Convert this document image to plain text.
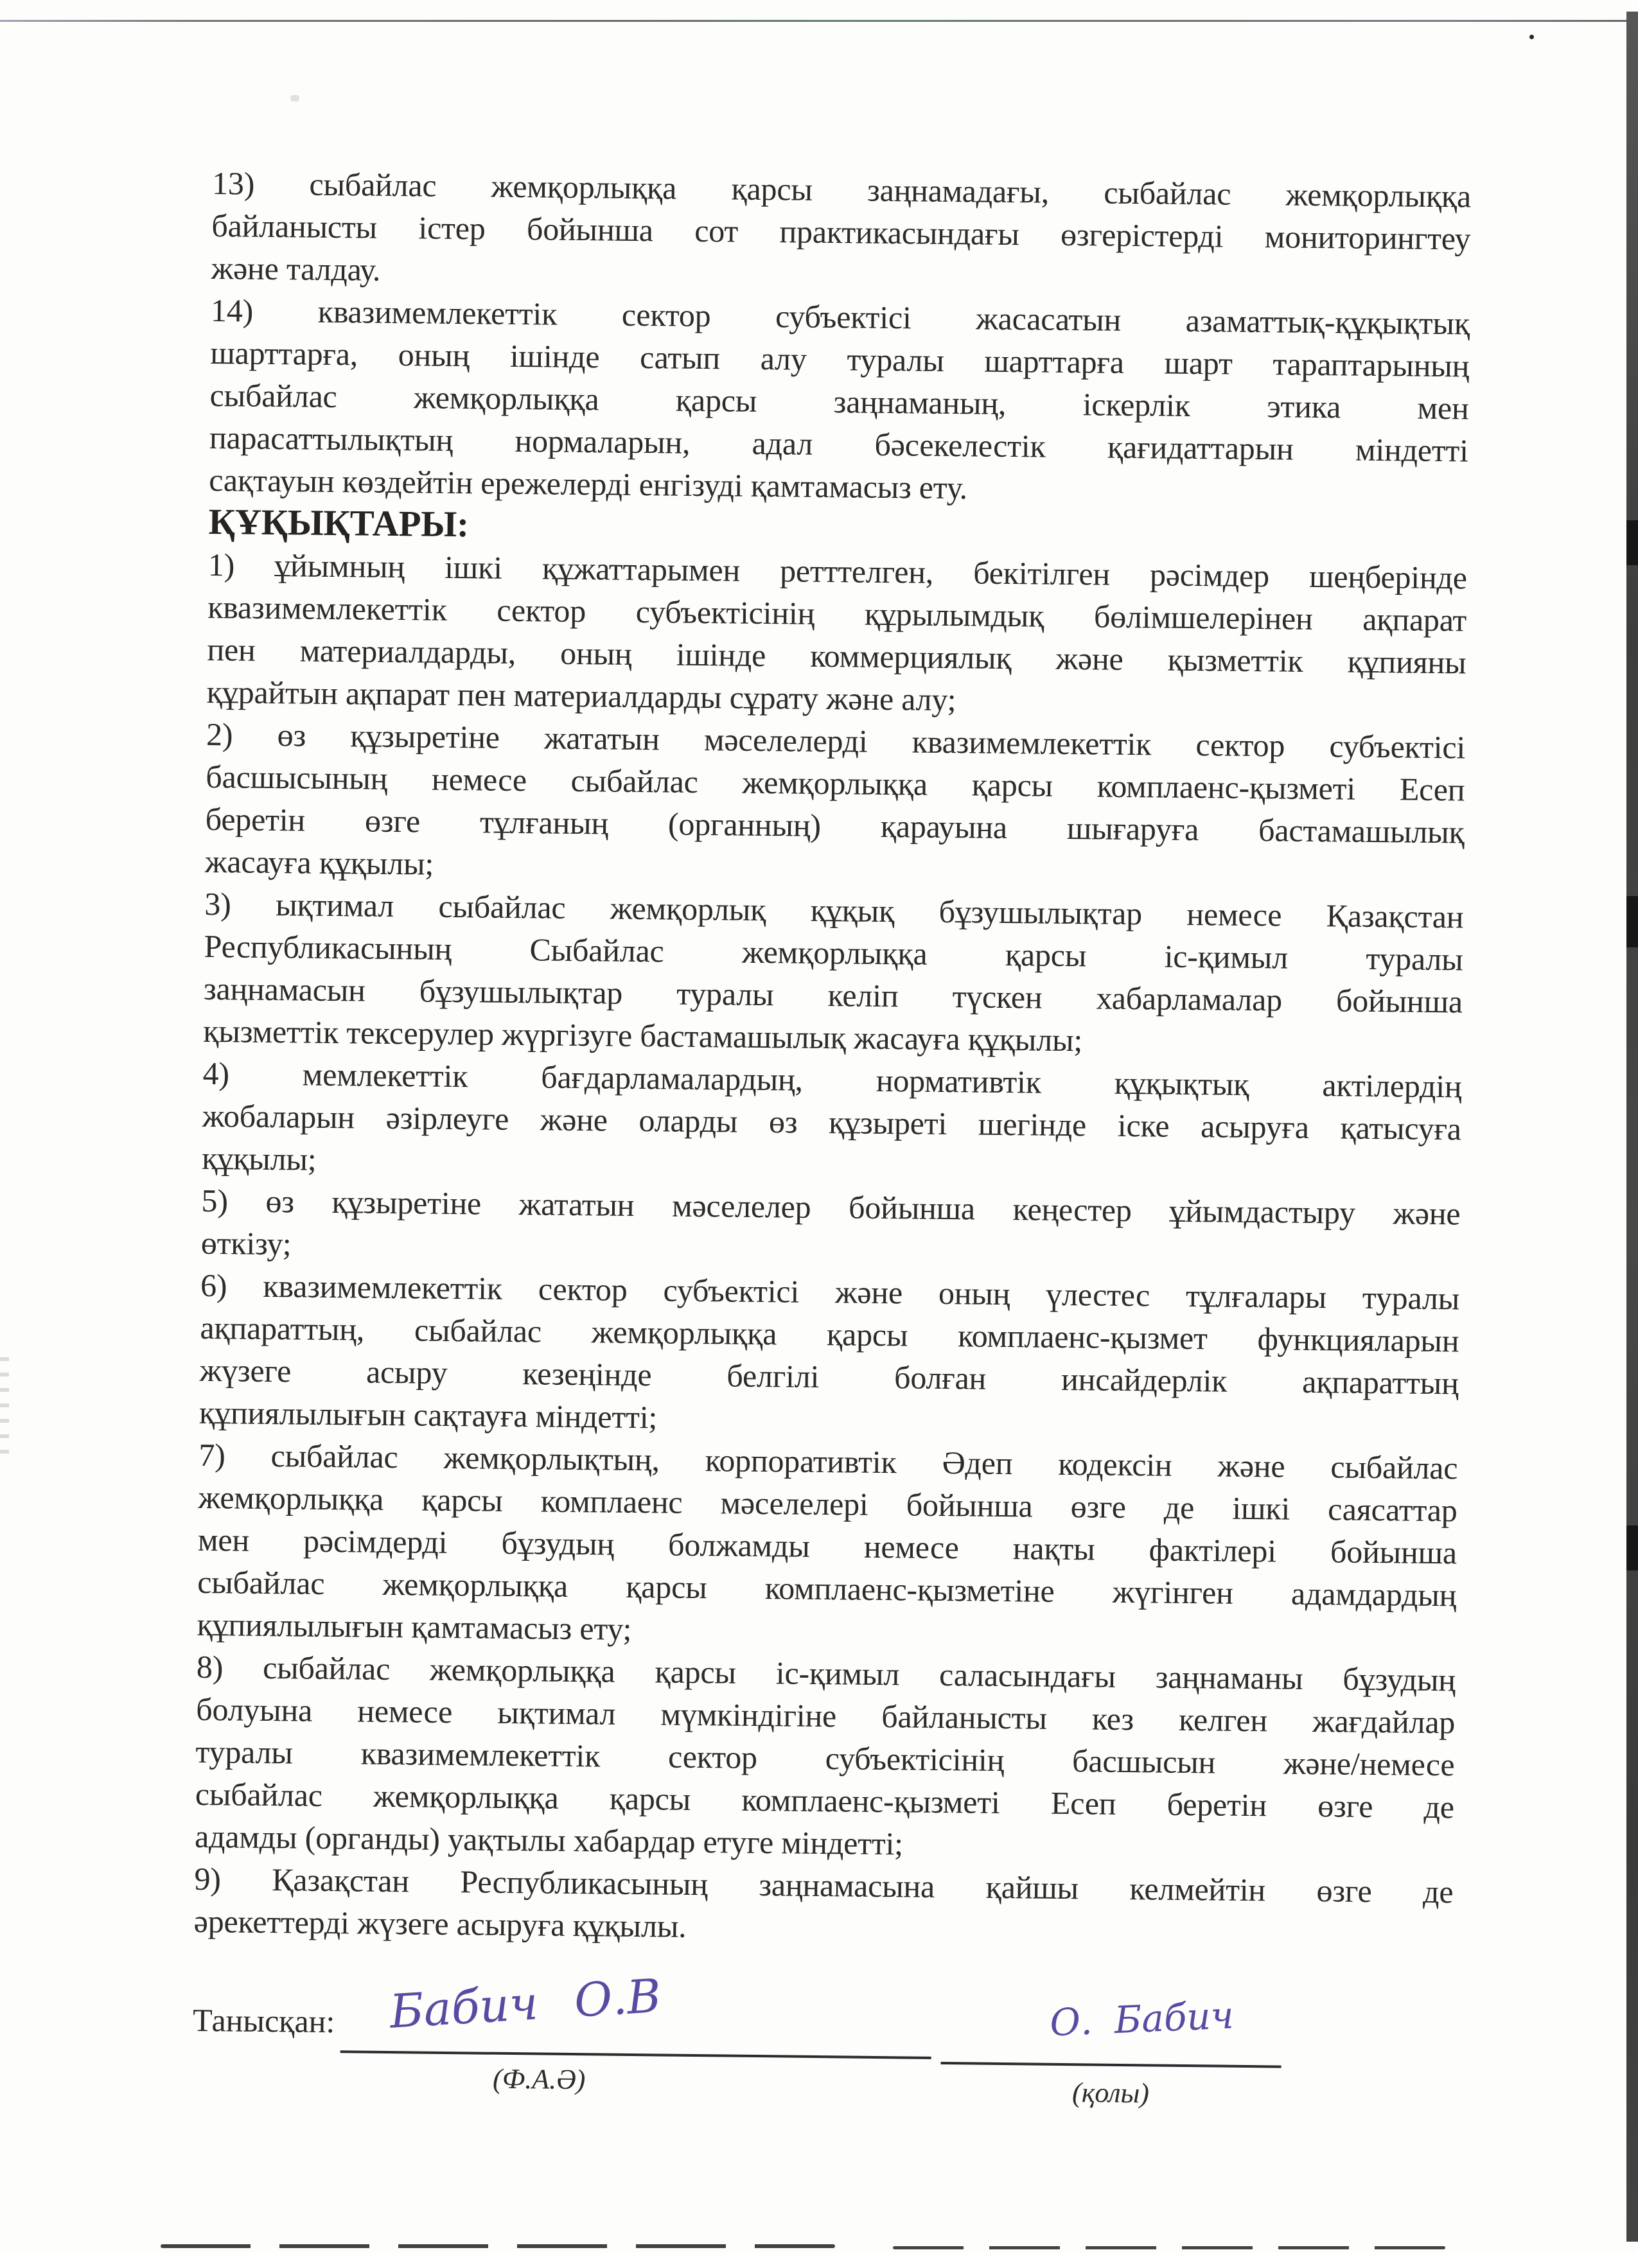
13) сыбайлас жемқорлыққа қарсы заңнамадағы, сыбайлас жемқорлыққа
байланысты істер бойынша сот практикасындағы өзгерістерді мониторингтеу
және талдау.
14) квазимемлекеттік сектор субъектісі жасасатын азаматтық-құқықтық
шарттарға, оның ішінде сатып алу туралы шарттарға шарт тараптарының
сыбайлас жемқорлыққа қарсы заңнаманың, іскерлік этика мен
парасаттылықтың нормаларын, адал бәсекелестік қағидаттарын міндетті
сақтауын көздейтін ережелерді енгізуді қамтамасыз ету.
ҚҰҚЫҚТАРЫ:
1) ұйымның ішкі құжаттарымен ретттелген, бекітілген рәсімдер шеңберінде
квазимемлекеттік сектор субъектісінің құрылымдық бөлімшелерінен ақпарат
пен материалдарды, оның ішінде коммерциялық және қызметтік құпияны
құрайтын ақпарат пен материалдарды сұрату және алу;
2) өз құзыретіне жататын мәселелерді квазимемлекеттік сектор субъектісі
басшысының немесе сыбайлас жемқорлыққа қарсы комплаенс-қызметі Есеп
беретін өзге тұлғаның (органның) қарауына шығаруға бастамашылық
жасауға құқылы;
3) ықтимал сыбайлас жемқорлық құқық бұзушылықтар немесе Қазақстан
Республикасының Сыбайлас жемқорлыққа қарсы іс-қимыл туралы
заңнамасын бұзушылықтар туралы келіп түскен хабарламалар бойынша
қызметтік тексерулер жүргізуге бастамашылық жасауға құқылы;
4) мемлекеттік бағдарламалардың, нормативтік құқықтық актілердің
жобаларын әзірлеуге және оларды өз құзыреті шегінде іске асыруға қатысуға
құқылы;
5) өз құзыретіне жататын мәселелер бойынша кеңестер ұйымдастыру және
өткізу;
6) квазимемлекеттік сектор субъектісі және оның үлестес тұлғалары туралы
ақпараттың, сыбайлас жемқорлыққа қарсы комплаенс-қызмет функцияларын
жүзеге асыру кезеңінде белгілі болған инсайдерлік ақпараттың
құпиялылығын сақтауға міндетті;
7) сыбайлас жемқорлықтың, корпоративтік Әдеп кодексін және сыбайлас
жемқорлыққа қарсы комплаенс мәселелері бойынша өзге де ішкі саясаттар
мен рәсімдерді бұзудың болжамды немесе нақты фактілері бойынша
сыбайлас жемқорлыққа қарсы комплаенс-қызметіне жүгінген адамдардың
құпиялылығын қамтамасыз ету;
8) сыбайлас жемқорлыққа қарсы іс-қимыл саласындағы заңнаманы бұзудың
болуына немесе ықтимал мүмкіндігіне байланысты кез келген жағдайлар
туралы квазимемлекеттік сектор субъектісінің басшысын және/немесе
сыбайлас жемқорлыққа қарсы комплаенс-қызметі Есеп беретін өзге де
адамды (органды) уақтылы хабардар етуге міндетті;
9) Қазақстан Республикасының заңнамасына қайшы келмейтін өзге де
әрекеттерді жүзеге асыруға құқылы.
Танысқан: Бабич О.В
(Ф.А.Ә)
О. Бабич
(қолы)
